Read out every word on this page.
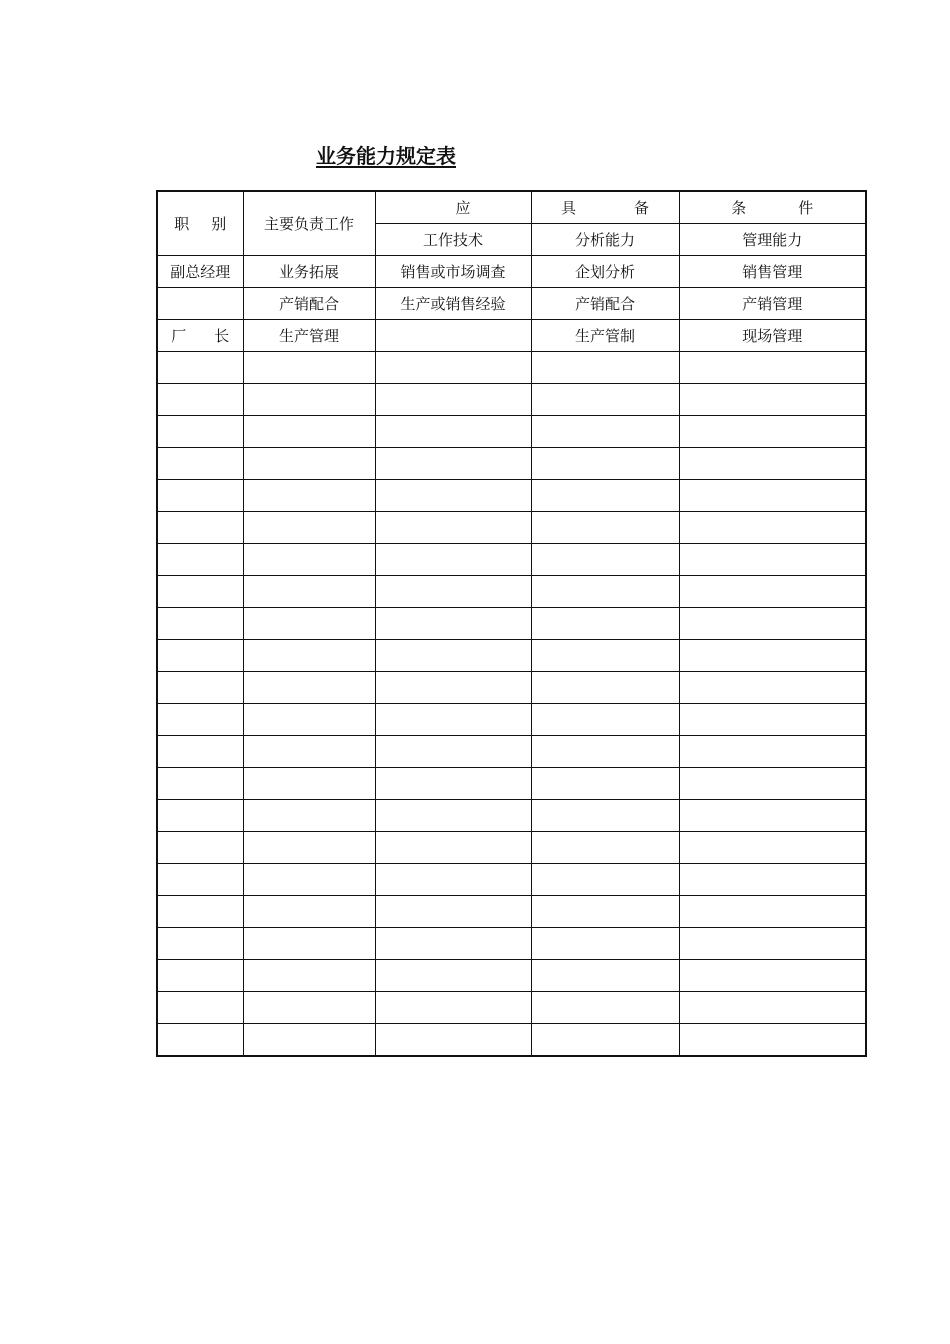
业务能力规定表
职 别	主要负责工作	应	具 备	条 件

		工作技术	分析能力	管理能力
副总经理	业务拓展	销售或市场调查	企划分析	销售管理
	产销配合	生产或销售经验	产销配合	产销管理

厂 长	生产管理		生产管制	现场管理
